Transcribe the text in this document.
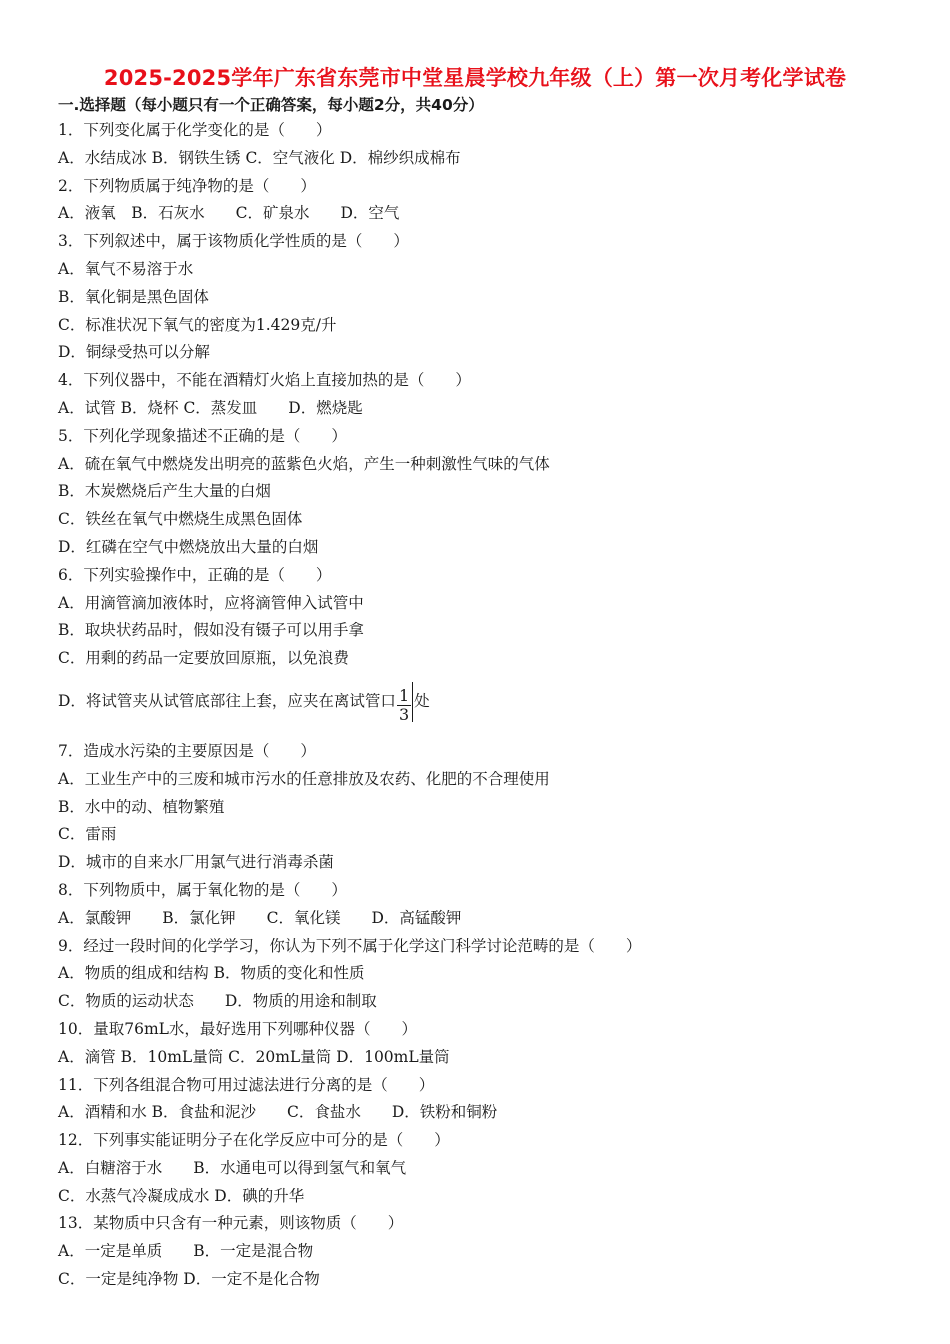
2025-2025学年广东省东莞市中堂星晨学校九年级（上）第一次月考化学试卷
一.选择题（每小题只有一个正确答案，每小题2分，共40分）
1．下列变化属于化学变化的是（　　）
A．水结成冰 B．钢铁生锈 C．空气液化 D．棉纱织成棉布
2．下列物质属于纯净物的是（　　）
A．液氧　B．石灰水　　C．矿泉水　　D．空气
3．下列叙述中，属于该物质化学性质的是（　　）
A．氧气不易溶于水
B．氧化铜是黑色固体
C．标准状况下氧气的密度为1.429克/升
D．铜绿受热可以分解
4．下列仪器中，不能在酒精灯火焰上直接加热的是（　　）
A．试管 B．烧杯 C．蒸发皿　　D．燃烧匙
5．下列化学现象描述不正确的是（　　）
A．硫在氧气中燃烧发出明亮的蓝紫色火焰，产生一种刺激性气味的气体
B．木炭燃烧后产生大量的白烟
C．铁丝在氧气中燃烧生成黑色固体
D．红磷在空气中燃烧放出大量的白烟
6．下列实验操作中，正确的是（　　）
A．用滴管滴加液体时，应将滴管伸入试管中
B．取块状药品时，假如没有镊子可以用手拿
C．用剩的药品一定要放回原瓶，以免浪费
D．将试管夹从试管底部往上套，应夹在离试管口 $\frac{1}{3}$ 处
7．造成水污染的主要原因是（　　）
A．工业生产中的三废和城市污水的任意排放及农药、化肥的不合理使用
B．水中的动、植物繁殖
C．雷雨
D．城市的自来水厂用氯气进行消毒杀菌
8．下列物质中，属于氧化物的是（　　）
A．氯酸钾　　B．氯化钾　　C．氧化镁　　D．高锰酸钾
9．经过一段时间的化学学习，你认为下列不属于化学这门科学讨论范畴的是（　　）
A．物质的组成和结构 B．物质的变化和性质
C．物质的运动状态　　D．物质的用途和制取
10．量取76mL水，最好选用下列哪种仪器（　　）
A．滴管 B．10mL量筒 C．20mL量筒 D．100mL量筒
11．下列各组混合物可用过滤法进行分离的是（　　）
A．酒精和水 B．食盐和泥沙　　C．食盐水　　D．铁粉和铜粉
12．下列事实能证明分子在化学反应中可分的是（　　）
A．白糖溶于水　　B．水通电可以得到氢气和氧气
C．水蒸气冷凝成成水 D．碘的升华
13．某物质中只含有一种元素，则该物质（　　）
A．一定是单质　　B．一定是混合物
C．一定是纯净物 D．一定不是化合物
